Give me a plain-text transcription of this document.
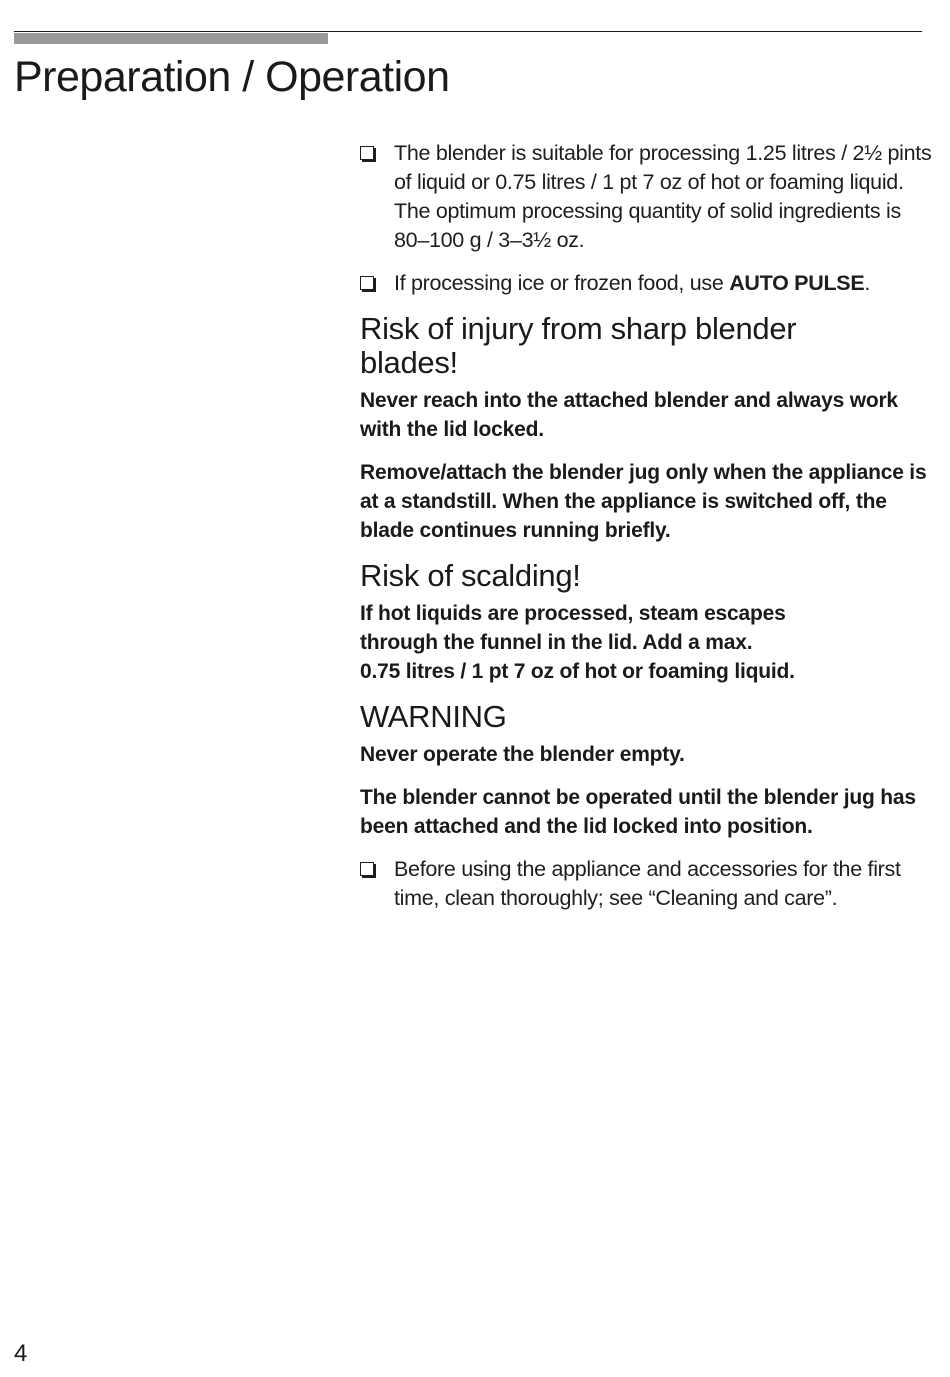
Preparation / Operation

The blender is suitable for processing 1.25 litres / 2½ pints of liquid or 0.75 litres / 1 pt 7 oz of hot or foaming liquid. The optimum processing quantity of solid ingredients is 80–100 g / 3–3½ oz.

If processing ice or frozen food, use AUTO PULSE.

Risk of injury from sharp blender blades!

Never reach into the attached blender and always work with the lid locked.

Remove/attach the blender jug only when the appliance is at a standstill. When the appliance is switched off, the blade continues running briefly.

Risk of scalding!

If hot liquids are processed, steam escapes through the funnel in the lid. Add a max.
0.75 litres / 1 pt 7 oz of hot or foaming liquid.

WARNING

Never operate the blender empty.

The blender cannot be operated until the blender jug has been attached and the lid locked into position.

Before using the appliance and accessories for the first time, clean thoroughly; see “Cleaning and care”.

4
